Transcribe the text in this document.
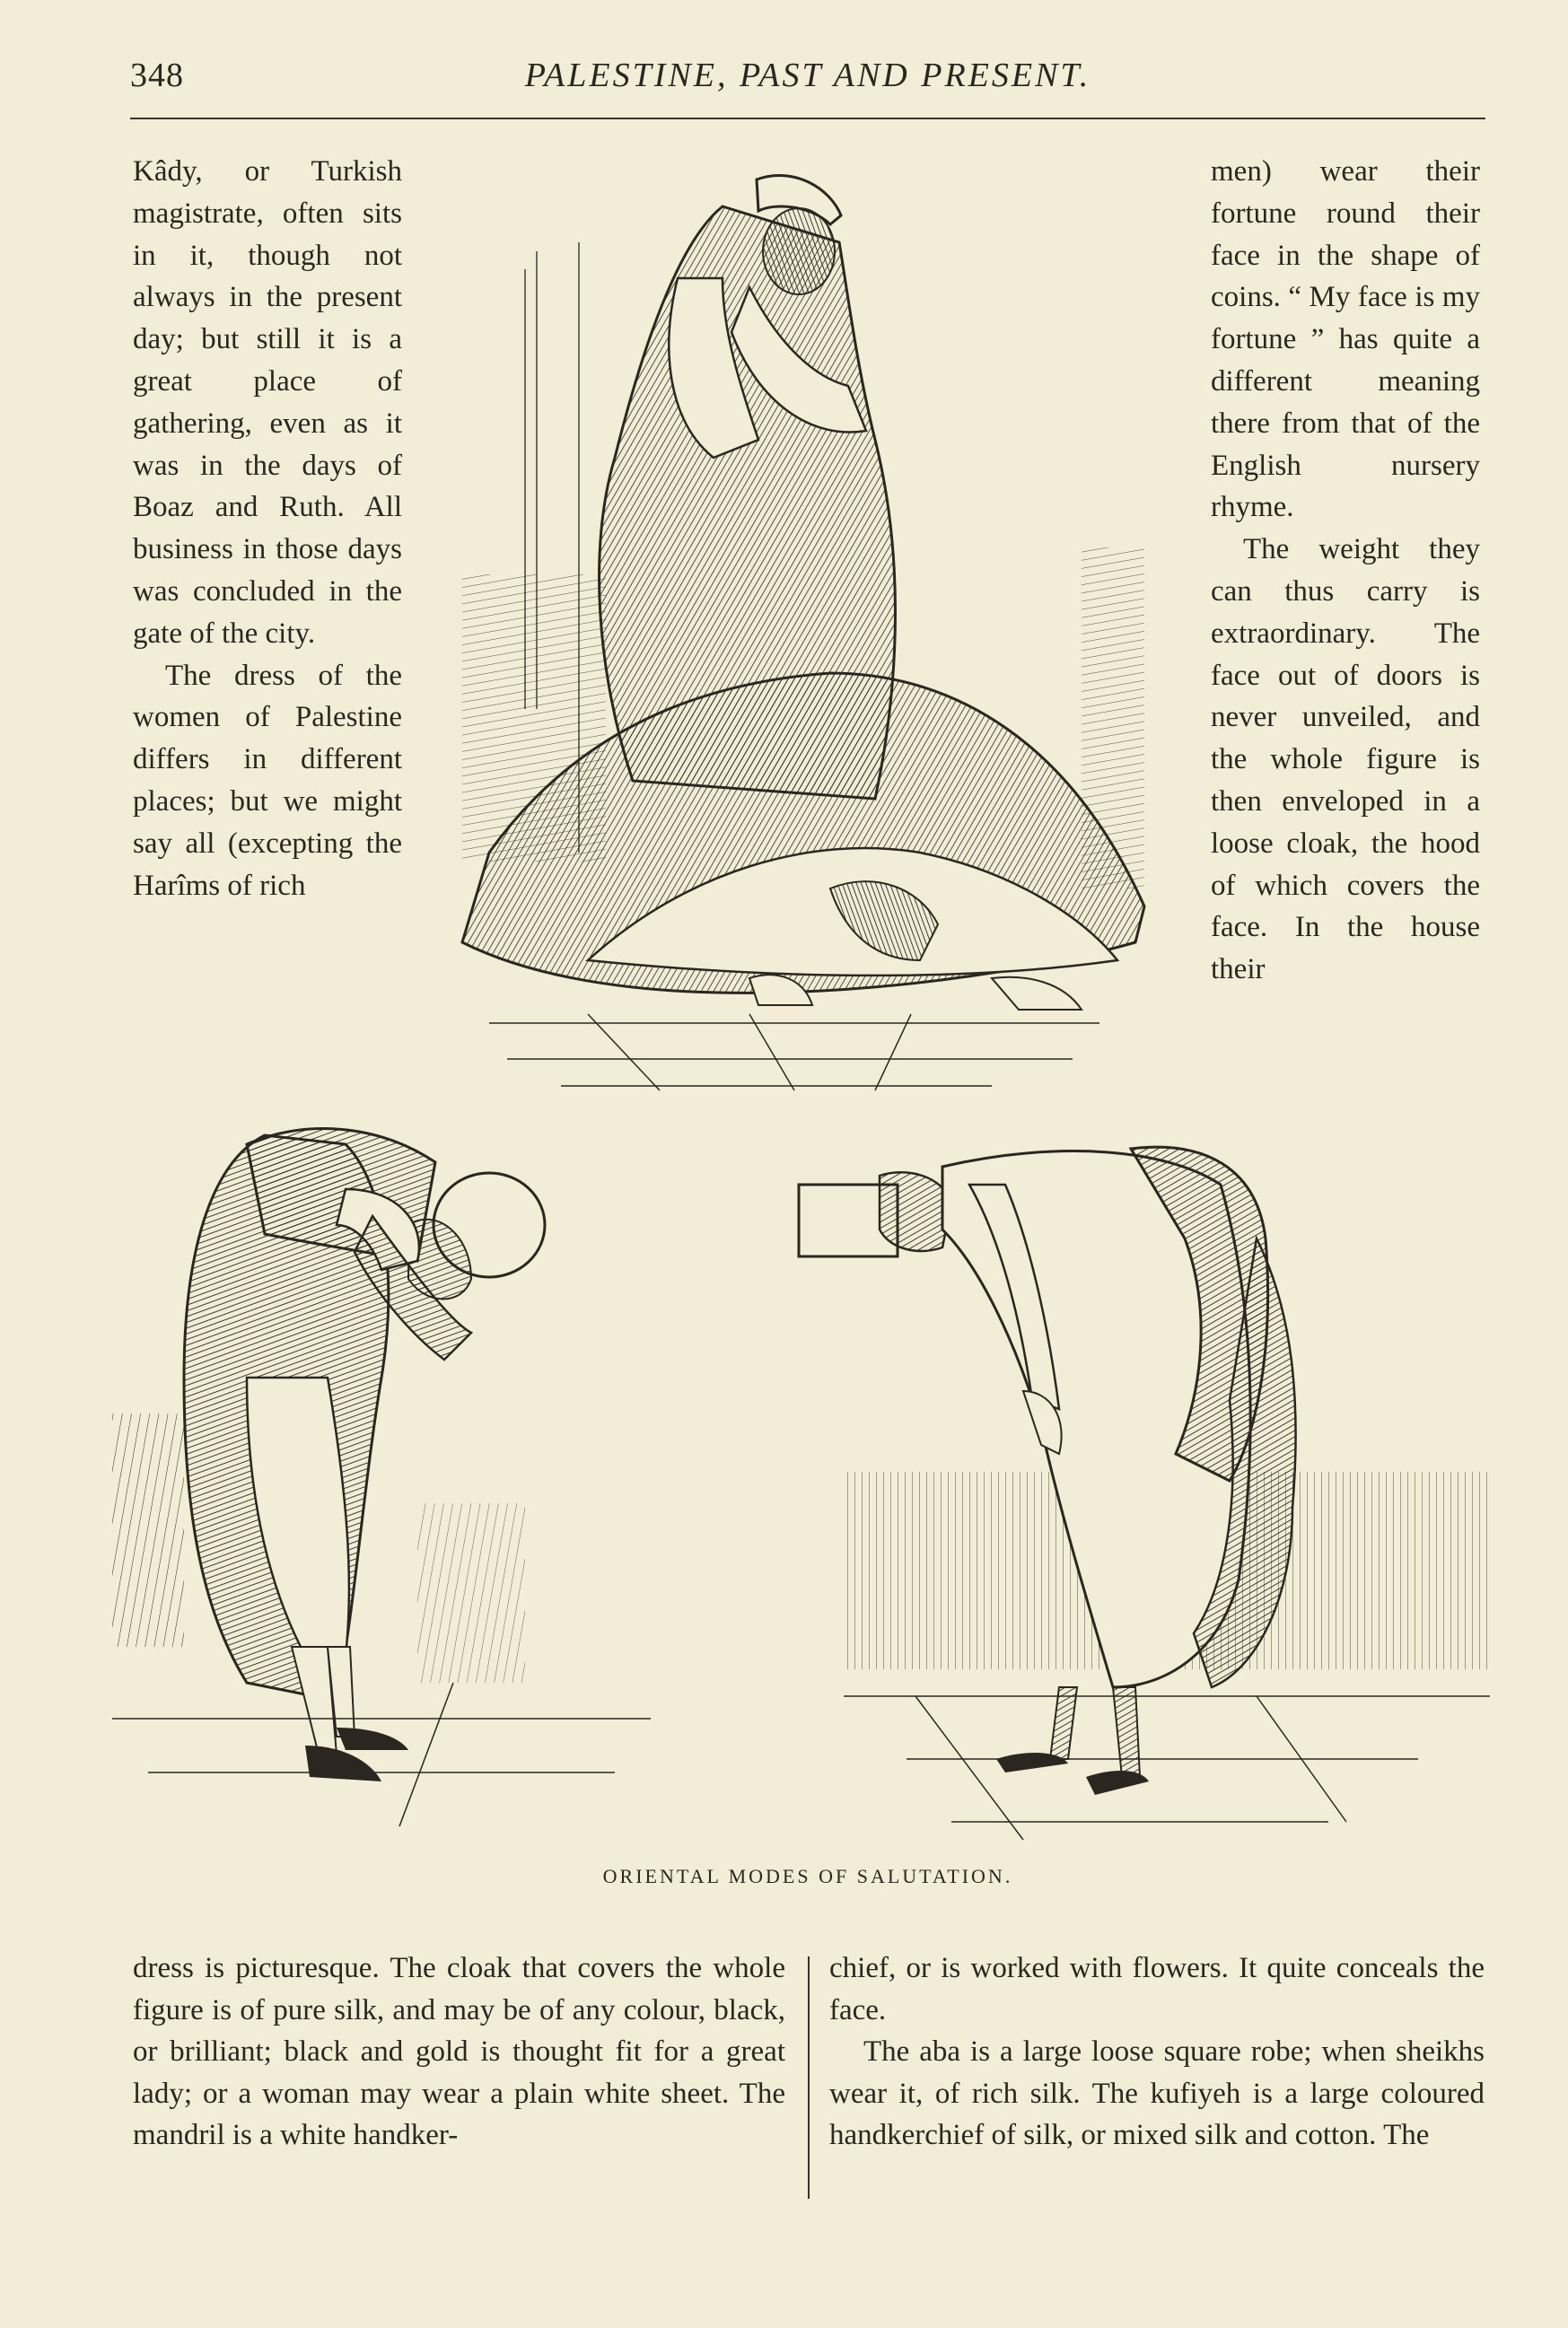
348	PALESTINE, PAST AND PRESENT.

Kâdy, or Turkish magistrate, often sits in it, though not always in the present day; but still it is a great place of gathering, even as it was in the days of Boaz and Ruth. All business in those days was concluded in the gate of the city.

The dress of the women of Palestine differs in different places; but we might say all (excepting the Harîms of rich

men) wear their fortune round their face in the shape of coins. “ My face is my fortune ” has quite a different meaning there from that of the English nursery rhyme.

The weight they can thus carry is extraordinary. The face out of doors is never unveiled, and the whole figure is then enveloped in a loose cloak, the hood of which covers the face. In the house their

ORIENTAL MODES OF SALUTATION.

dress is picturesque. The cloak that covers the whole figure is of pure silk, and may be of any colour, black, or brilliant; black and gold is thought fit for a great lady; or a woman may wear a plain white sheet. The mandril is a white handker-

chief, or is worked with flowers. It quite conceals the face.

The aba is a large loose square robe; when sheikhs wear it, of rich silk. The kufiyeh is a large coloured handkerchief of silk, or mixed silk and cotton. The
